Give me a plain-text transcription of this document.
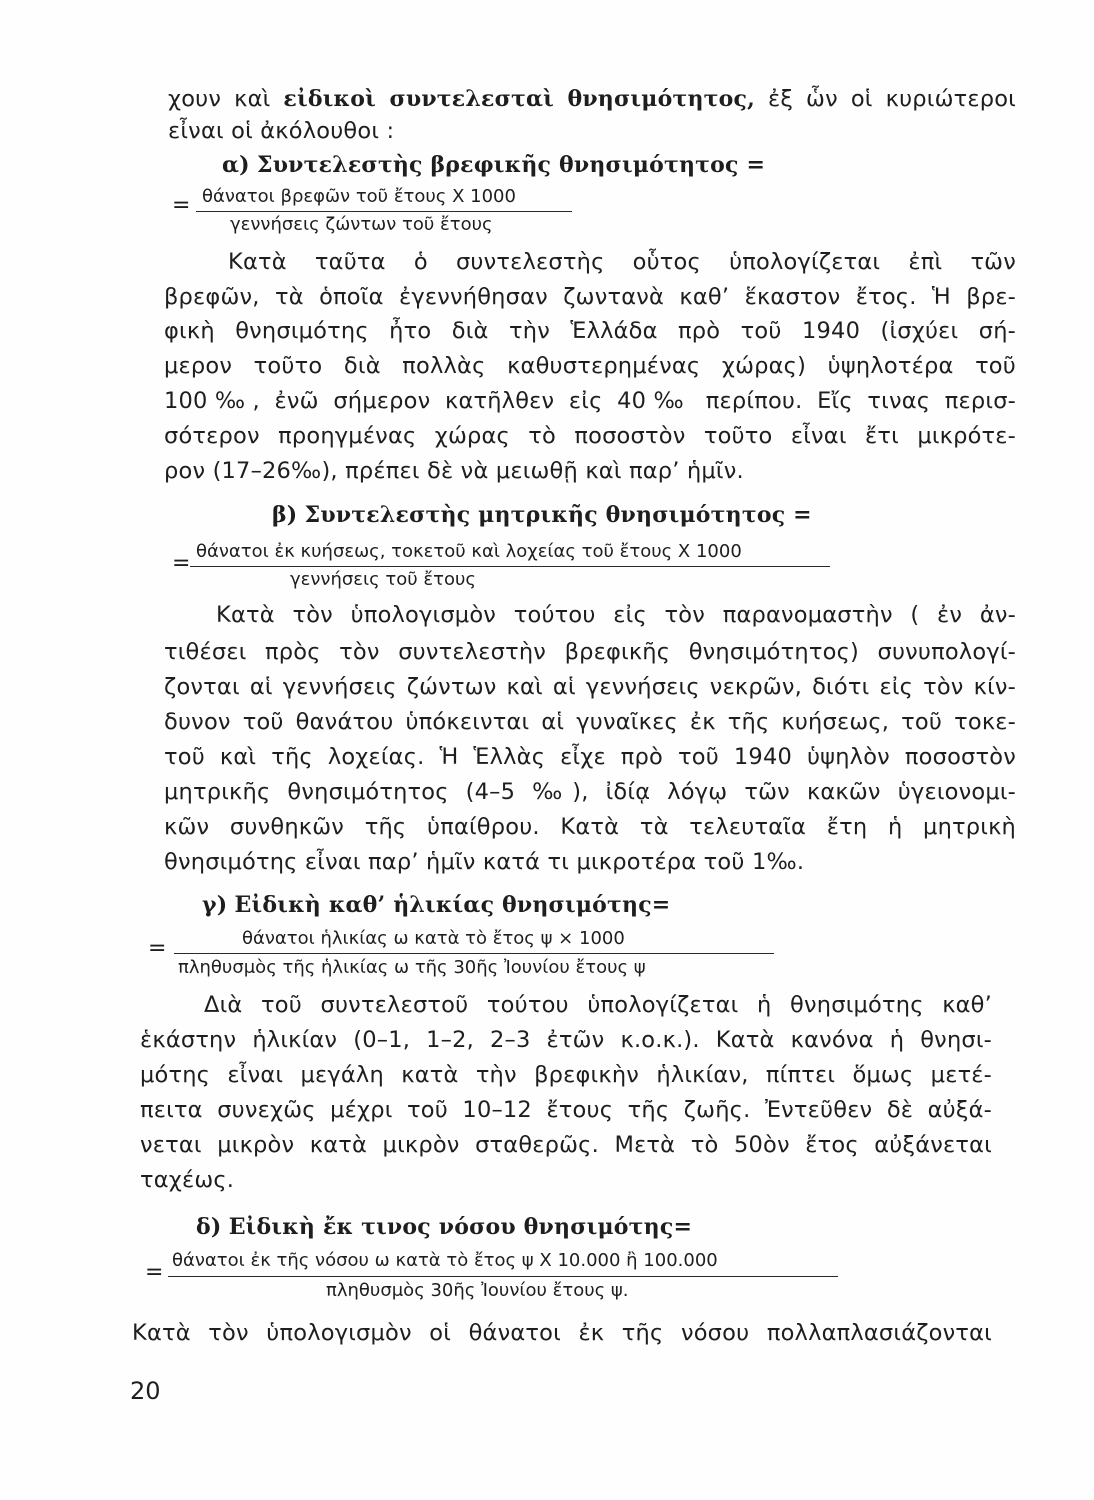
χουν καὶ εἰδικοὶ συντελεσταὶ θνησιμότητος, ἐξ ὧν οἱ κυριώτεροι
εἶναι οἱ ἀκόλουθοι :
α) Συντελεστὴς βρεφικῆς θνησιμότητος =
= θάνατοι βρεφῶν τοῦ ἔτους Χ 1000
γεννήσεις ζώντων τοῦ ἔτους
Κατὰ ταῦτα ὁ συντελεστὴς οὗτος ὑπολογίζεται ἐπὶ τῶν
βρεφῶν, τὰ ὁποῖα ἐγεννήθησαν ζωντανὰ καθ’ ἕκαστον ἔτος. Ἡ βρε-
φικὴ θνησιμότης ἦτο διὰ τὴν Ἑλλάδα πρὸ τοῦ 1940 (ἰσχύει σή-
μερον τοῦτο διὰ πολλὰς καθυστερημένας χώρας) ὑψηλοτέρα τοῦ
100‰, ἐνῶ σήμερον κατῆλθεν εἰς 40‰ περίπου. Εἴς τινας περισ-
σότερον προηγμένας χώρας τὸ ποσοστὸν τοῦτο εἶναι ἔτι μικρότε-
ρον (17–26‰), πρέπει δὲ νὰ μειωθῇ καὶ παρ’ ἡμῖν.
β) Συντελεστὴς μητρικῆς θνησιμότητος =
= θάνατοι ἐκ κυήσεως, τοκετοῦ καὶ λοχείας τοῦ ἔτους Χ 1000
γεννήσεις τοῦ ἔτους
Κατὰ τὸν ὑπολογισμὸν τούτου εἰς τὸν παρανομαστὴν ( ἐν ἀν-
τιθέσει πρὸς τὸν συντελεστὴν βρεφικῆς θνησιμότητος) συνυπολογί-
ζονται αἱ γεννήσεις ζώντων καὶ αἱ γεννήσεις νεκρῶν, διότι εἰς τὸν κίν-
δυνον τοῦ θανάτου ὑπόκεινται αἱ γυναῖκες ἐκ τῆς κυήσεως, τοῦ τοκε-
τοῦ καὶ τῆς λοχείας. Ἡ Ἑλλὰς εἶχε πρὸ τοῦ 1940 ὑψηλὸν ποσοστὸν
μητρικῆς θνησιμότητος (4–5 ‰), ἰδίᾳ λόγῳ τῶν κακῶν ὑγειονομι-
κῶν συνθηκῶν τῆς ὑπαίθρου. Κατὰ τὰ τελευταῖα ἔτη ἡ μητρικὴ
θνησιμότης εἶναι παρ’ ἡμῖν κατά τι μικροτέρα τοῦ 1‰.
γ) Εἰδικὴ καθ’ ἡλικίας θνησιμότης=
=	θάνατοι ἡλικίας ω κατὰ τὸ ἔτος ψ × 1000
πληθυσμὸς τῆς ἡλικίας ω τῆς 30ῆς Ἰουνίου ἔτους ψ
Διὰ τοῦ συντελεστοῦ τούτου ὑπολογίζεται ἡ θνησιμότης καθ’
ἑκάστην ἡλικίαν (0–1, 1–2, 2–3 ἐτῶν κ.ο.κ.). Κατὰ κανόνα ἡ θνησι-
μότης εἶναι μεγάλη κατὰ τὴν βρεφικὴν ἡλικίαν, πίπτει ὅμως μετέ-
πειτα συνεχῶς μέχρι τοῦ 10–12 ἔτους τῆς ζωῆς. Ἐντεῦθεν δὲ αὐξά-
νεται μικρὸν κατὰ μικρὸν σταθερῶς. Μετὰ τὸ 50ὸν ἔτος αὐξάνεται
ταχέως.
δ) Εἰδικὴ ἔκ τινος νόσου θνησιμότης=
= θάνατοι ἐκ τῆς νόσου ω κατὰ τὸ ἔτος ψ Χ 10.000 ἢ 100.000
πληθυσμὸς 30ῆς Ἰουνίου ἔτους ψ.
Κατὰ τὸν ὑπολογισμὸν οἱ θάνατοι ἐκ τῆς νόσου πολλαπλασιάζονται
20
